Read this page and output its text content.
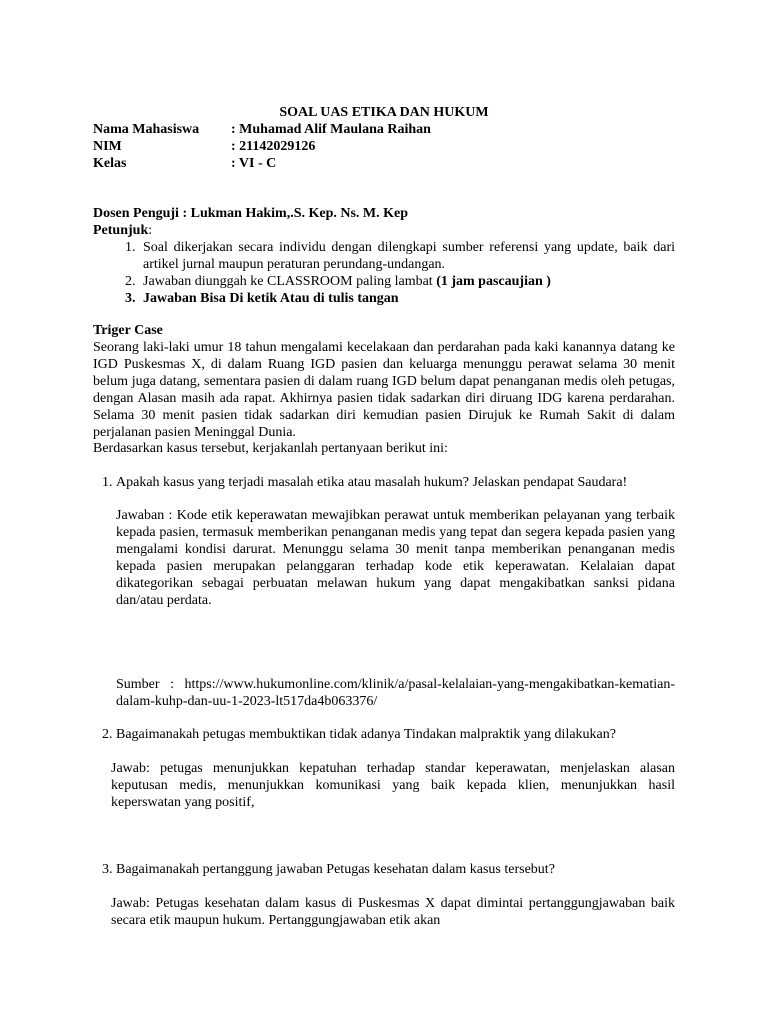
SOAL UAS ETIKA DAN HUKUM
Nama Mahasiswa	: Muhamad Alif Maulana Raihan
NIM	: 21142029126
Kelas	: VI - C
Dosen Penguji : Lukman Hakim,.S. Kep. Ns. M. Kep
Petunjuk:
1. Soal dikerjakan secara individu dengan dilengkapi sumber referensi yang update, baik dari artikel jurnal maupun peraturan perundang-undangan.
2. Jawaban diunggah ke CLASSROOM paling lambat (1 jam pascaujian )
3. Jawaban Bisa Di ketik Atau di tulis tangan
Triger Case
Seorang laki-laki umur 18 tahun mengalami kecelakaan dan perdarahan pada kaki kanannya datang ke IGD Puskesmas X, di dalam Ruang IGD pasien dan keluarga menunggu perawat selama 30 menit belum juga datang, sementara pasien di dalam ruang IGD belum dapat penanganan medis oleh petugas, dengan Alasan masih ada rapat. Akhirnya pasien tidak sadarkan diri diruang IDG karena perdarahan. Selama 30 menit pasien tidak sadarkan diri kemudian pasien Dirujuk ke Rumah Sakit di dalam perjalanan pasien Meninggal Dunia.
Berdasarkan kasus tersebut, kerjakanlah pertanyaan berikut ini:
1. Apakah kasus yang terjadi masalah etika atau masalah hukum? Jelaskan pendapat Saudara!
Jawaban : Kode etik keperawatan mewajibkan perawat untuk memberikan pelayanan yang terbaik kepada pasien, termasuk memberikan penanganan medis yang tepat dan segera kepada pasien yang mengalami kondisi darurat. Menunggu selama 30 menit tanpa memberikan penanganan medis kepada pasien merupakan pelanggaran terhadap kode etik keperawatan. Kelalaian dapat dikategorikan sebagai perbuatan melawan hukum yang dapat mengakibatkan sanksi pidana dan/atau perdata.
Sumber : https://www.hukumonline.com/klinik/a/pasal-kelalaian-yang-mengakibatkan-kematian-dalam-kuhp-dan-uu-1-2023-lt517da4b063376/
2. Bagaimanakah petugas membuktikan tidak adanya Tindakan malpraktik yang dilakukan?
Jawab: petugas menunjukkan kepatuhan terhadap standar keperawatan, menjelaskan alasan keputusan medis, menunjukkan komunikasi yang baik kepada klien, menunjukkan hasil keperswatan yang positif,
3. Bagaimanakah pertanggung jawaban Petugas kesehatan dalam kasus tersebut?
Jawab: Petugas kesehatan dalam kasus di Puskesmas X dapat dimintai pertanggungjawaban baik secara etik maupun hukum. Pertanggungjawaban etik akan
